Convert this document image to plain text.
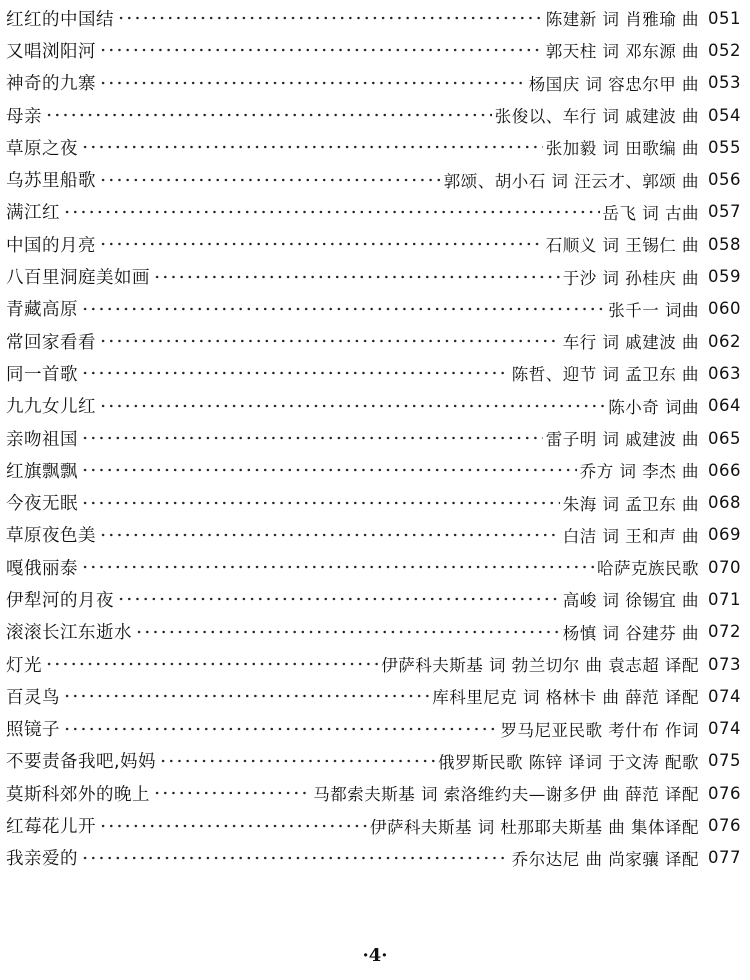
红红的中国结	陈建新 词 肖雅瑜 曲 051
又唱浏阳河	郭天柱 词 邓东源 曲 052
神奇的九寨	杨国庆 词 容忠尔甲 曲 053
母亲	张俊以、车行 词 戚建波 曲 054
草原之夜	张加毅 词 田歌编 曲 055
乌苏里船歌	郭颂、胡小石 词 汪云才、郭颂 曲 056
满江红	岳飞 词 古曲 057
中国的月亮	石顺义 词 王锡仁 曲 058
八百里洞庭美如画	于沙 词 孙桂庆 曲 059
青藏高原	张千一 词曲 060
常回家看看	车行 词 戚建波 曲 062
同一首歌	陈哲、迎节 词 孟卫东 曲 063
九九女儿红	陈小奇 词曲 064
亲吻祖国	雷子明 词 戚建波 曲 065
红旗飘飘	乔方 词 李杰 曲 066
今夜无眠	朱海 词 孟卫东 曲 068
草原夜色美	白洁 词 王和声 曲 069
嘎俄丽泰	哈萨克族民歌 070
伊犁河的月夜	高峻 词 徐锡宜 曲 071
滚滚长江东逝水	杨慎 词 谷建芬 曲 072
灯光	伊萨科夫斯基 词 勃兰切尔 曲 袁志超 译配 073
百灵鸟	库科里尼克 词 格林卡 曲 薛范 译配 074
照镜子	罗马尼亚民歌 考什布 作词 074
不要责备我吧,妈妈	俄罗斯民歌 陈锌 译词 于文涛 配歌 075
莫斯科郊外的晚上	马都索夫斯基 词 索洛维约夫—谢多伊 曲 薛范 译配 076
红莓花儿开	伊萨科夫斯基 词 杜那耶夫斯基 曲 集体译配 076
我亲爱的	乔尔达尼 曲 尚家骧 译配 077
·4·
